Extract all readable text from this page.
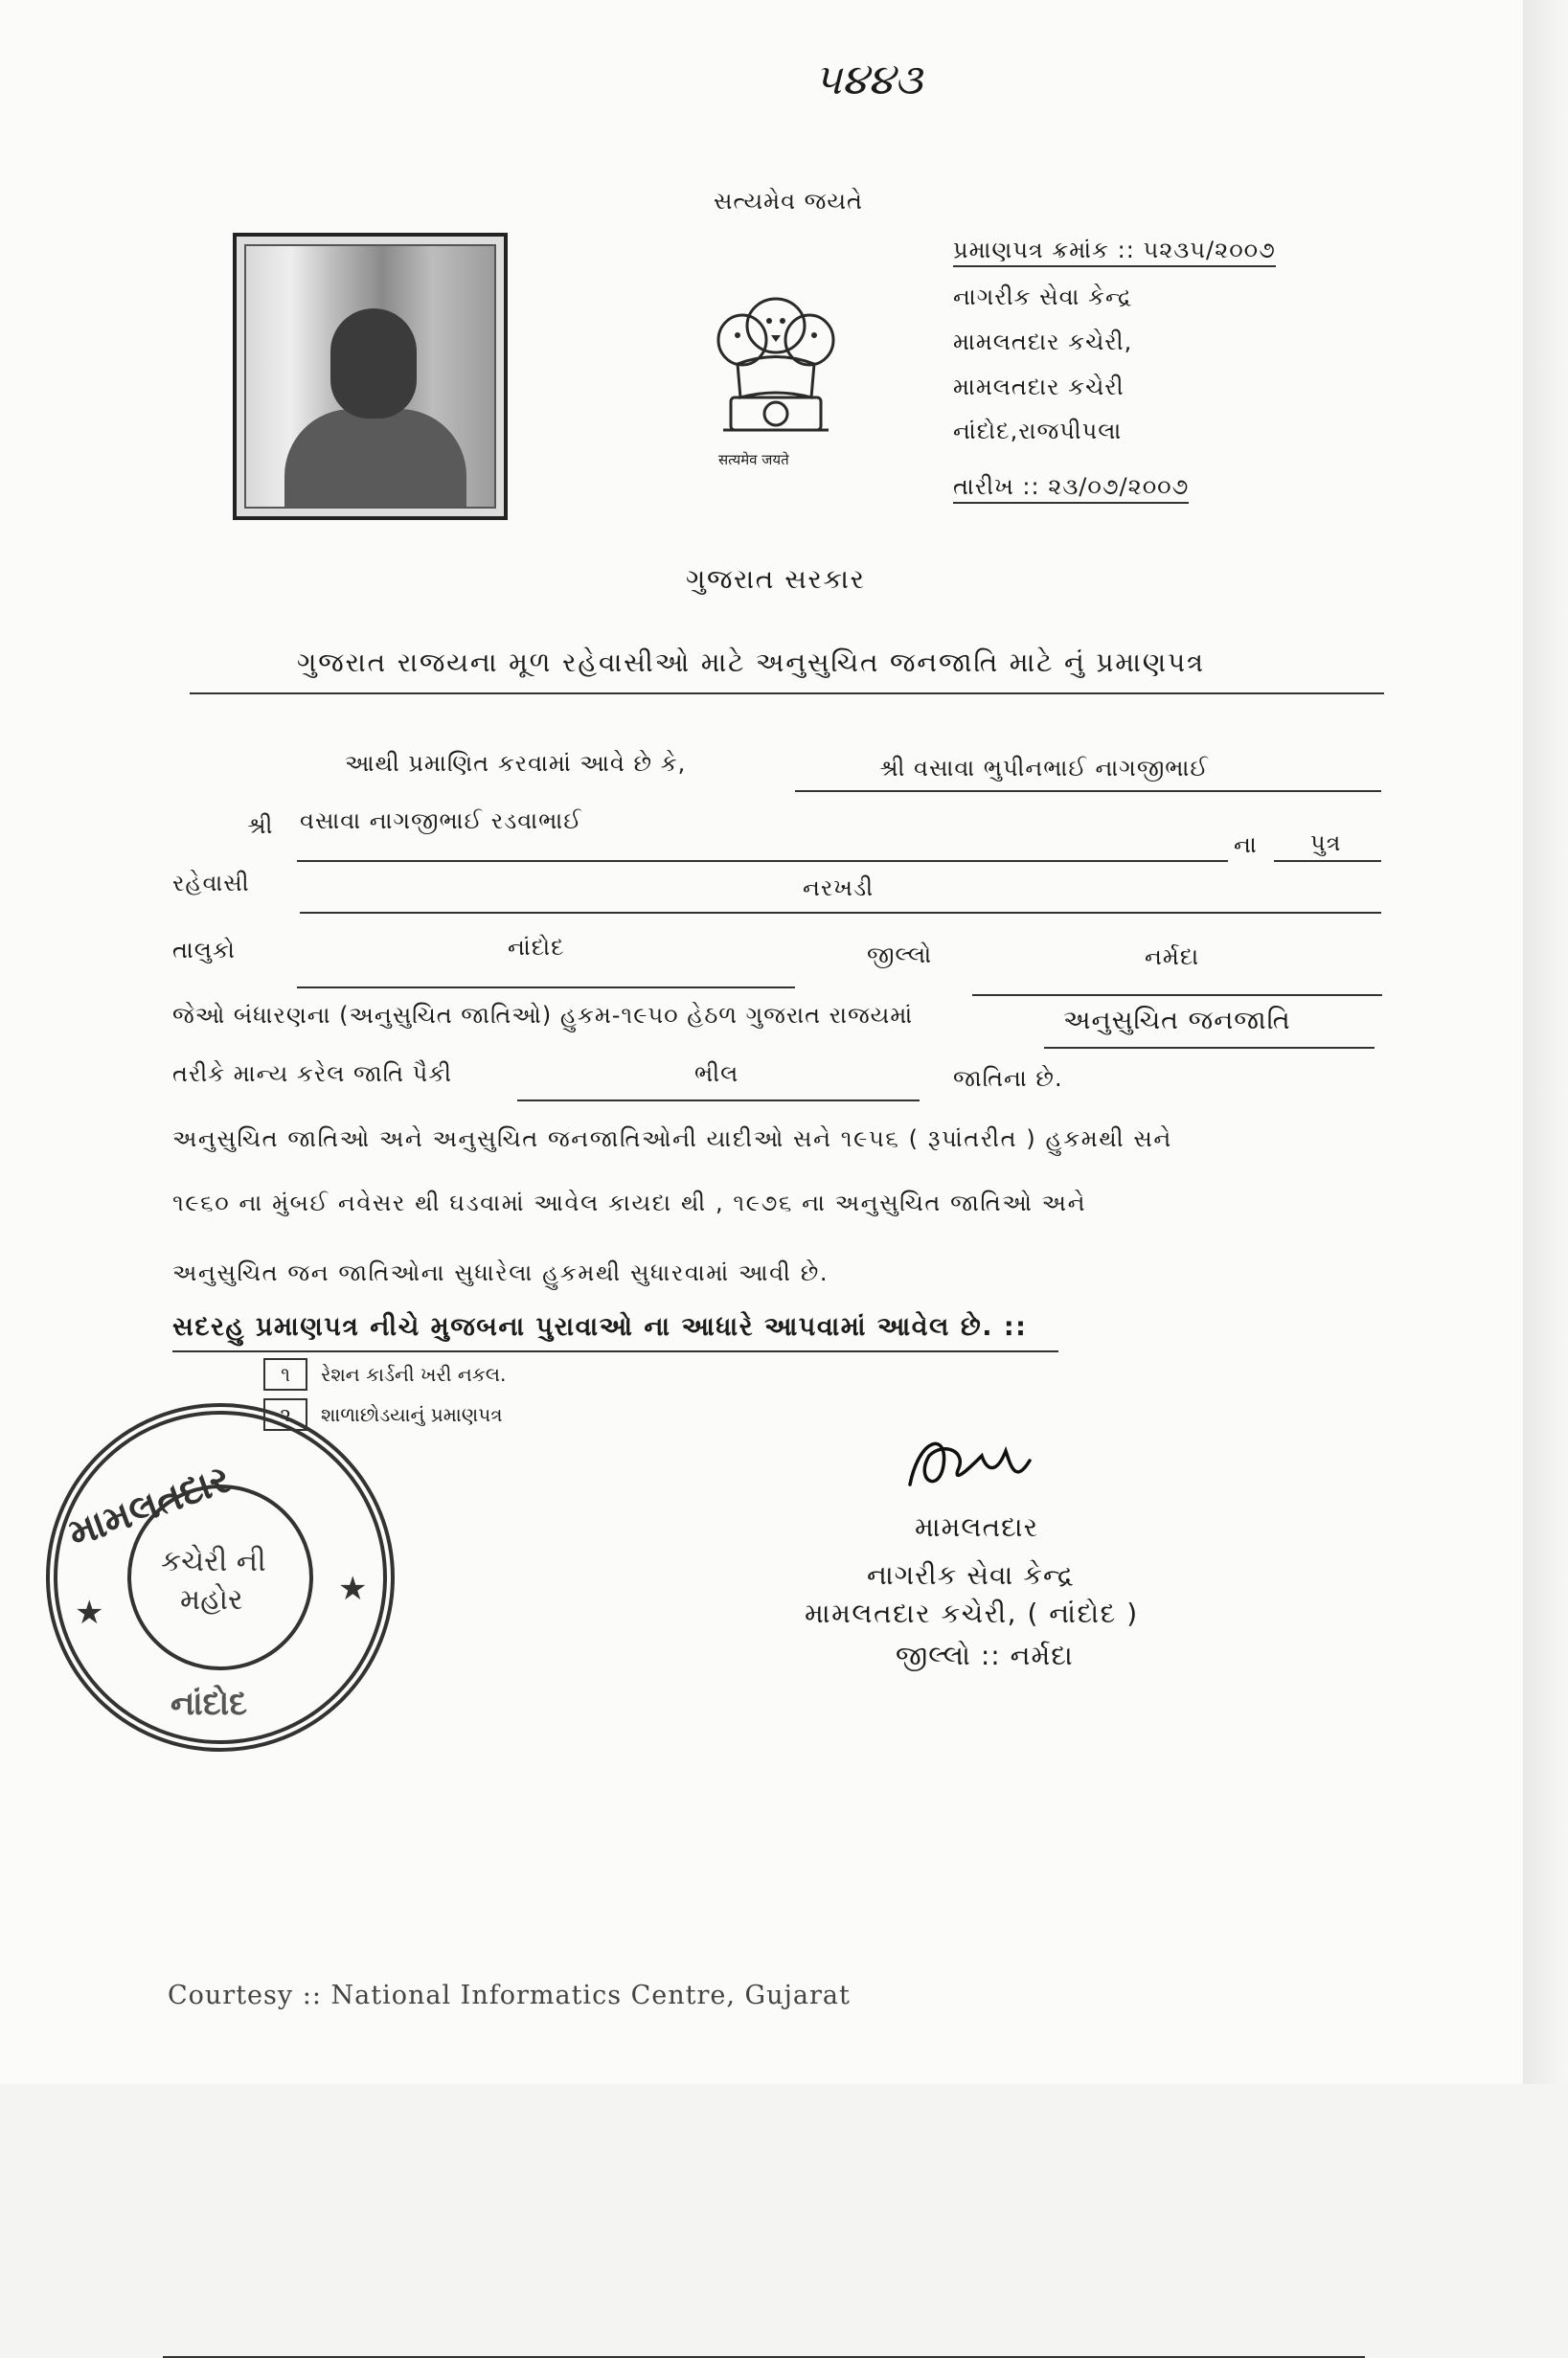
૫૪૪૩
સત્યમેવ જયતે
सत्यमेव जयते
પ્રમાણપત્ર ક્રમાંક :: ૫૨૩૫/૨૦૦૭
નાગરીક સેવા કેન્દ્ર
મામલતદાર કચેરી,
મામલતદાર કચેરી
નાંદોદ,રાજપીપલા
તારીખ :: ૨૩/૦૭/૨૦૦૭
ગુજરાત સરકાર
ગુજરાત રાજયના મૂળ રહેવાસીઓ માટે અનુસુચિત જનજાતિ માટે નું પ્રમાણપત્ર
આથી પ્રમાણિત કરવામાં આવે છે કે,	શ્રી વસાવા ભુપીનભાઈ નાગજીભાઈ
શ્રી વસાવા નાગજીભાઈ રડવાભાઈ
ના પુત્ર
રહેવાસી	નરખડી
તાલુકો	નાંદોદ	જીલ્લો	નર્મદા
જેઓ બંધારણના (અનુસુચિત જાતિઓ) હુકમ-૧૯૫૦ હેઠળ ગુજરાત રાજયમાં	અનુસુચિત જનજાતિ
તરીકે માન્ય કરેલ જાતિ પૈકી	ભીલ	જાતિના છે.
અનુસુચિત જાતિઓ અને અનુસુચિત જનજાતિઓની યાદીઓ સને ૧૯૫૬ ( રૂપાંતરીત ) હુકમથી સને
૧૯૬૦ ના મુંબઈ નવેસર થી ઘડવામાં આવેલ કાયદા થી , ૧૯૭૬ ના અનુસુચિત જાતિઓ અને
અનુસુચિત જન જાતિઓના સુધારેલા હુકમથી સુધારવામાં આવી છે.
સદરહુ પ્રમાણપત્ર નીચે મુજબના પુરાવાઓ ના આધારે આપવામાં આવેલ છે. ::
૧ રેશન કાર્ડની ખરી નકલ.
૨ શાળાછોડયાનું પ્રમાણપત્ર
મામલતદાર
કચેરી ની
મહોર
નાંદોદ
★
★
મામલતદાર
નાગરીક સેવા કેન્દ્ર
મામલતદાર કચેરી, ( નાંદોદ )
જીલ્લો :: નર્મદા
Courtesy :: National Informatics Centre, Gujarat
